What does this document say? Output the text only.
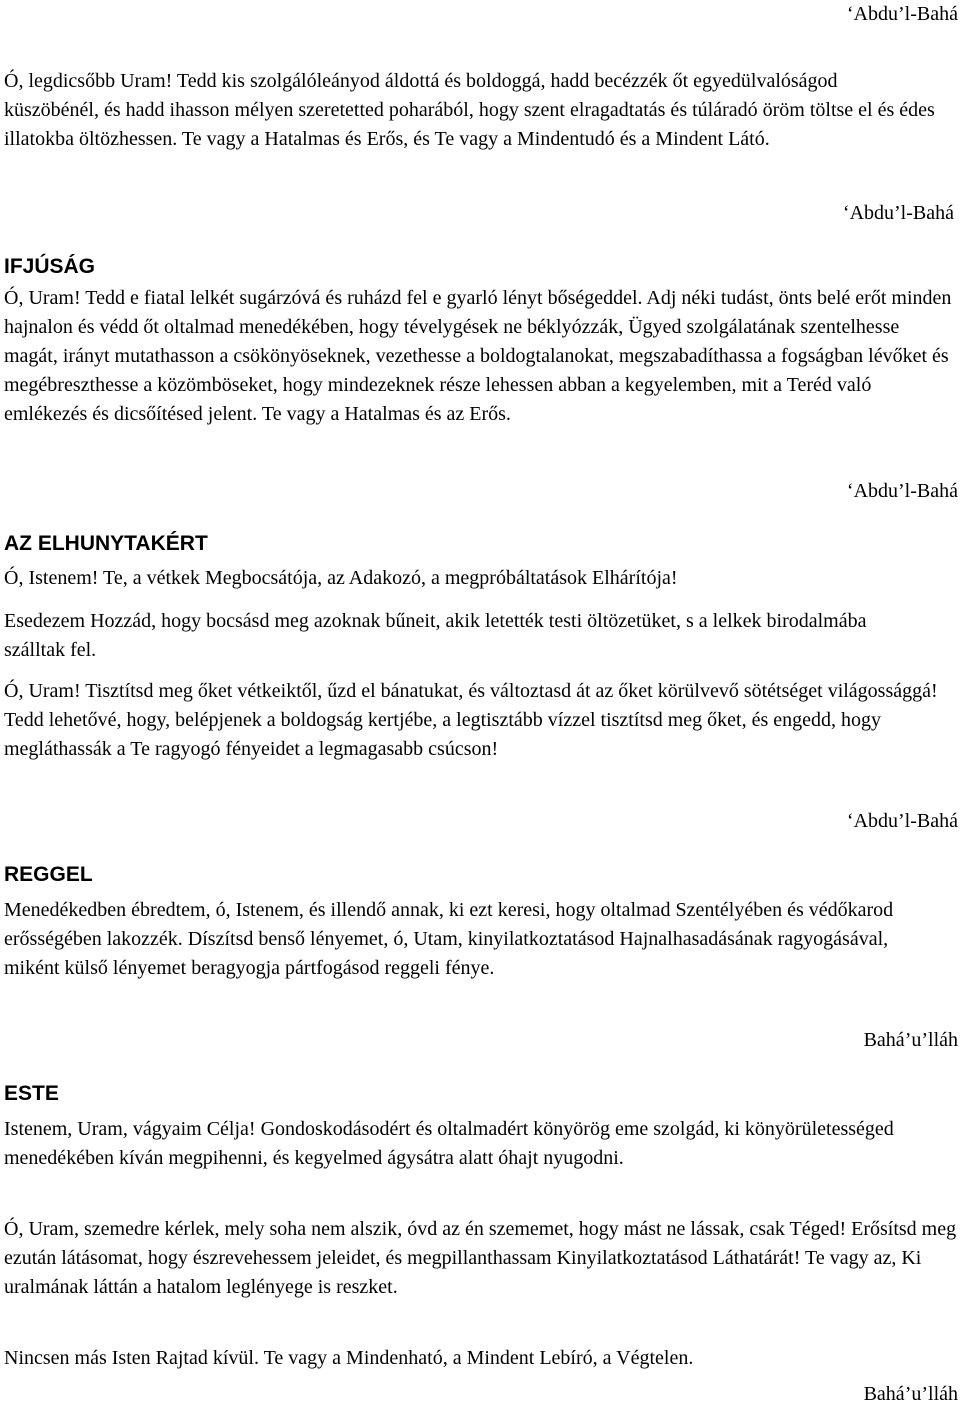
‘Abdu’l-Bahá

Ó, legdicsőbb Uram! Tedd kis szolgálóleányod áldottá és boldoggá, hadd becézzék őt egyedülvalóságod küszöbénél, és hadd ihasson mélyen szeretetted poharából, hogy szent elragadtatás és túláradó öröm töltse el és édes illatokba öltözhessen. Te vagy a Hatalmas és Erős, és Te vagy a Mindentudó és a Mindent Látó.

‘Abdu’l-Bahá
IFJÚSÁG

Ó, Uram! Tedd e fiatal lelkét sugárzóvá és ruházd fel e gyarló lényt bőségeddel. Adj néki tudást, önts belé erőt minden hajnalon és védd őt oltalmad menedékében, hogy tévelygések ne béklyózzák, Ügyed szolgálatának szentelhesse magát, irányt mutathasson a csökönyöseknek, vezethesse a boldogtalanokat, megszabadíthassa a fogságban lévőket és megébreszthesse a közömböseket, hogy mindezeknek része lehessen abban a kegyelemben, mit a Teréd való emlékezés és dicsőítésed jelent. Te vagy a Hatalmas és az Erős.

‘Abdu’l-Bahá
AZ ELHUNYTAKÉRT

Ó, Istenem! Te, a vétkek Megbocsátója, az Adakozó, a megpróbáltatások Elhárítója!

Esedezem Hozzád, hogy bocsásd meg azoknak bűneit, akik letették testi öltözetüket, s a lelkek birodalmába szálltak fel.

Ó, Uram! Tisztítsd meg őket vétkeiktől, űzd el bánatukat, és változtasd át az őket körülvevő sötétséget világossággá! Tedd lehetővé, hogy, belépjenek a boldogság kertjébe, a legtisztább vízzel tisztítsd meg őket, és engedd, hogy megláthassák a Te ragyogó fényeidet a legmagasabb csúcson!

‘Abdu’l-Bahá
REGGEL

Menedékedben ébredtem, ó, Istenem, és illendő annak, ki ezt keresi, hogy oltalmad Szentélyében és védőkarod erősségében lakozzék. Díszítsd benső lényemet, ó, Utam, kinyilatkoztatásod Hajnalhasadásának ragyogásával, miként külső lényemet beragyogja pártfogásod reggeli fénye.

Bahá’u’lláh
ESTE

Istenem, Uram, vágyaim Célja! Gondoskodásodért és oltalmadért könyörög eme szolgád, ki könyörületességed menedékében kíván megpihenni, és kegyelmed ágysátra alatt óhajt nyugodni.

Ó, Uram, szemedre kérlek, mely soha nem alszik, óvd az én szememet, hogy mást ne lássak, csak Téged! Erősítsd meg ezután látásomat, hogy észrevehessem jeleidet, és megpillanthassam Kinyilatkoztatásod Láthatárát! Te vagy az, Ki uralmának láttán a hatalom leglényege is reszket.

Nincsen más Isten Rajtad kívül. Te vagy a Mindenható, a Mindent Lebíró, a Végtelen.

Bahá’u’lláh
